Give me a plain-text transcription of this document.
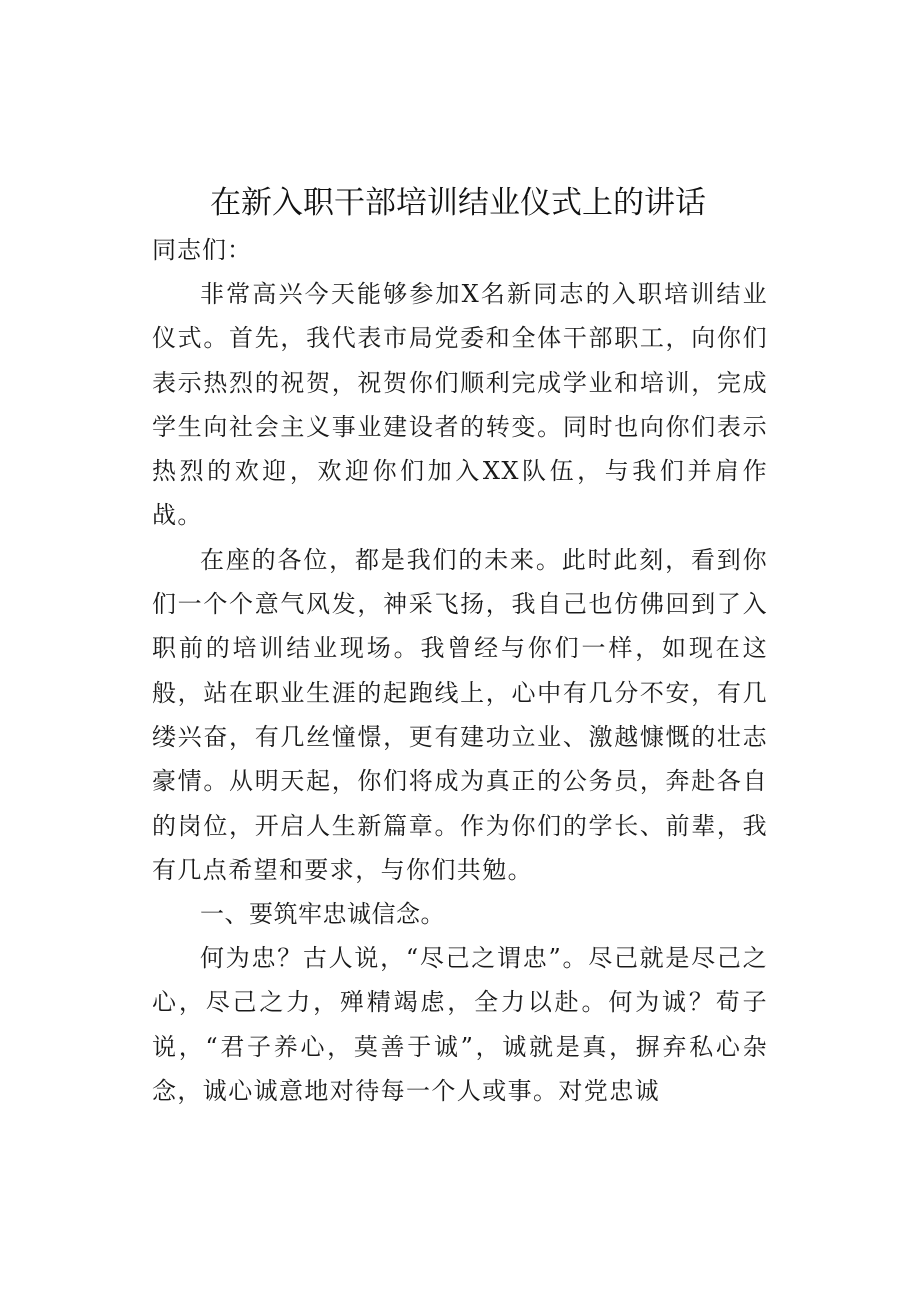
在新入职干部培训结业仪式上的讲话

同志们：

非常高兴今天能够参加X名新同志的入职培训结业仪式。首先，我代表市局党委和全体干部职工，向你们表示热烈的祝贺，祝贺你们顺利完成学业和培训，完成学生向社会主义事业建设者的转变。同时也向你们表示热烈的欢迎，欢迎你们加入XX队伍，与我们并肩作战。

在座的各位，都是我们的未来。此时此刻，看到你们一个个意气风发，神采飞扬，我自己也仿佛回到了入职前的培训结业现场。我曾经与你们一样，如现在这般，站在职业生涯的起跑线上，心中有几分不安，有几缕兴奋，有几丝憧憬，更有建功立业、激越慷慨的壮志豪情。从明天起，你们将成为真正的公务员，奔赴各自的岗位，开启人生新篇章。作为你们的学长、前辈，我有几点希望和要求，与你们共勉。

一、要筑牢忠诚信念。

何为忠？古人说，“尽己之谓忠”。尽己就是尽己之心，尽己之力，殚精竭虑，全力以赴。何为诚？荀子说，“君子养心，莫善于诚”，诚就是真，摒弃私心杂念，诚心诚意地对待每一个人或事。对党忠诚
